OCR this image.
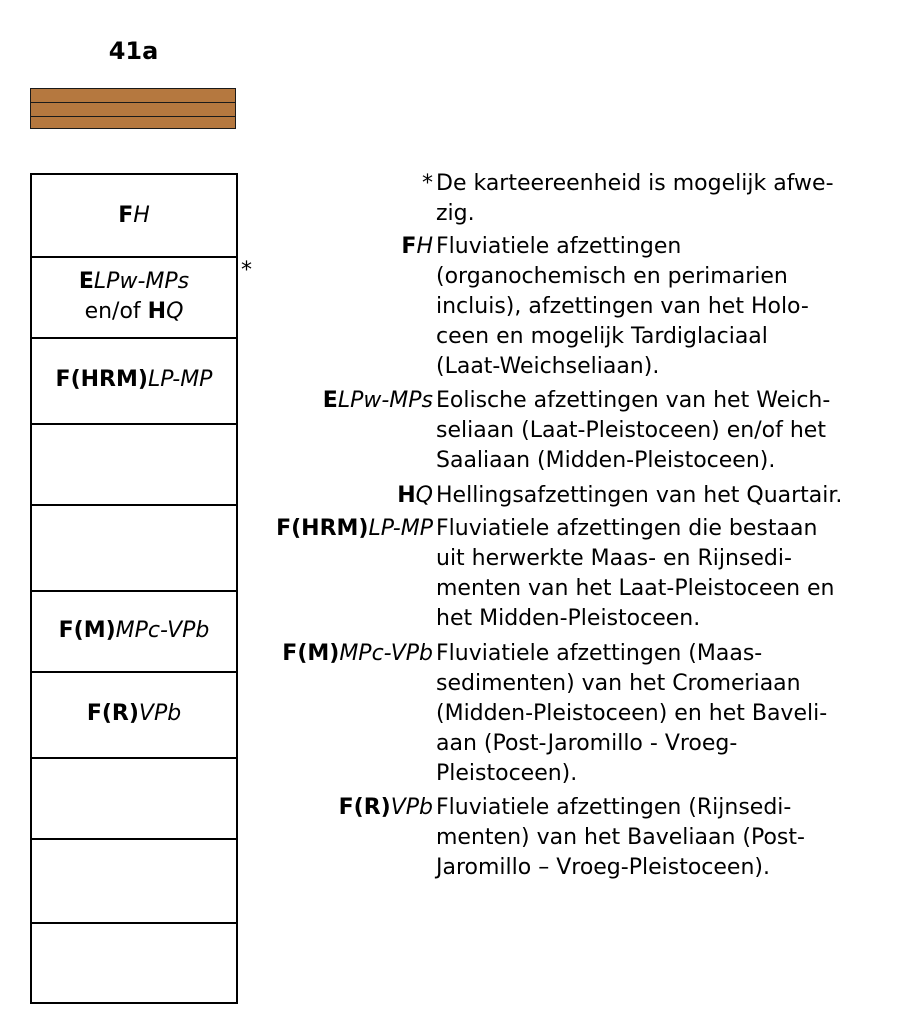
41a
FH
ELPw-MPs
en/of HQ
F(HRM)LP-MP
F(M)MPc-VPb
F(R)VPb
*
* De karteereenheid is mogelijk afwe-
zig.
FH Fluviatiele afzettingen
(organochemisch en perimarien
incluis), afzettingen van het Holo-
ceen en mogelijk Tardiglaciaal
(Laat-Weichseliaan).
ELPw-MPs Eolische afzettingen van het Weich-
seliaan (Laat-Pleistoceen) en/of het
Saaliaan (Midden-Pleistoceen).
HQ Hellingsafzettingen van het Quartair.
F(HRM)LP-MP Fluviatiele afzettingen die bestaan
uit herwerkte Maas- en Rijnsedi-
menten van het Laat-Pleistoceen en
het Midden-Pleistoceen.
F(M)MPc-VPb Fluviatiele afzettingen (Maas-
sedimenten) van het Cromeriaan
(Midden-Pleistoceen) en het Baveli-
aan (Post-Jaromillo - Vroeg-
Pleistoceen).
F(R)VPb Fluviatiele afzettingen (Rijnsedi-
menten) van het Baveliaan (Post-
Jaromillo – Vroeg-Pleistoceen).
